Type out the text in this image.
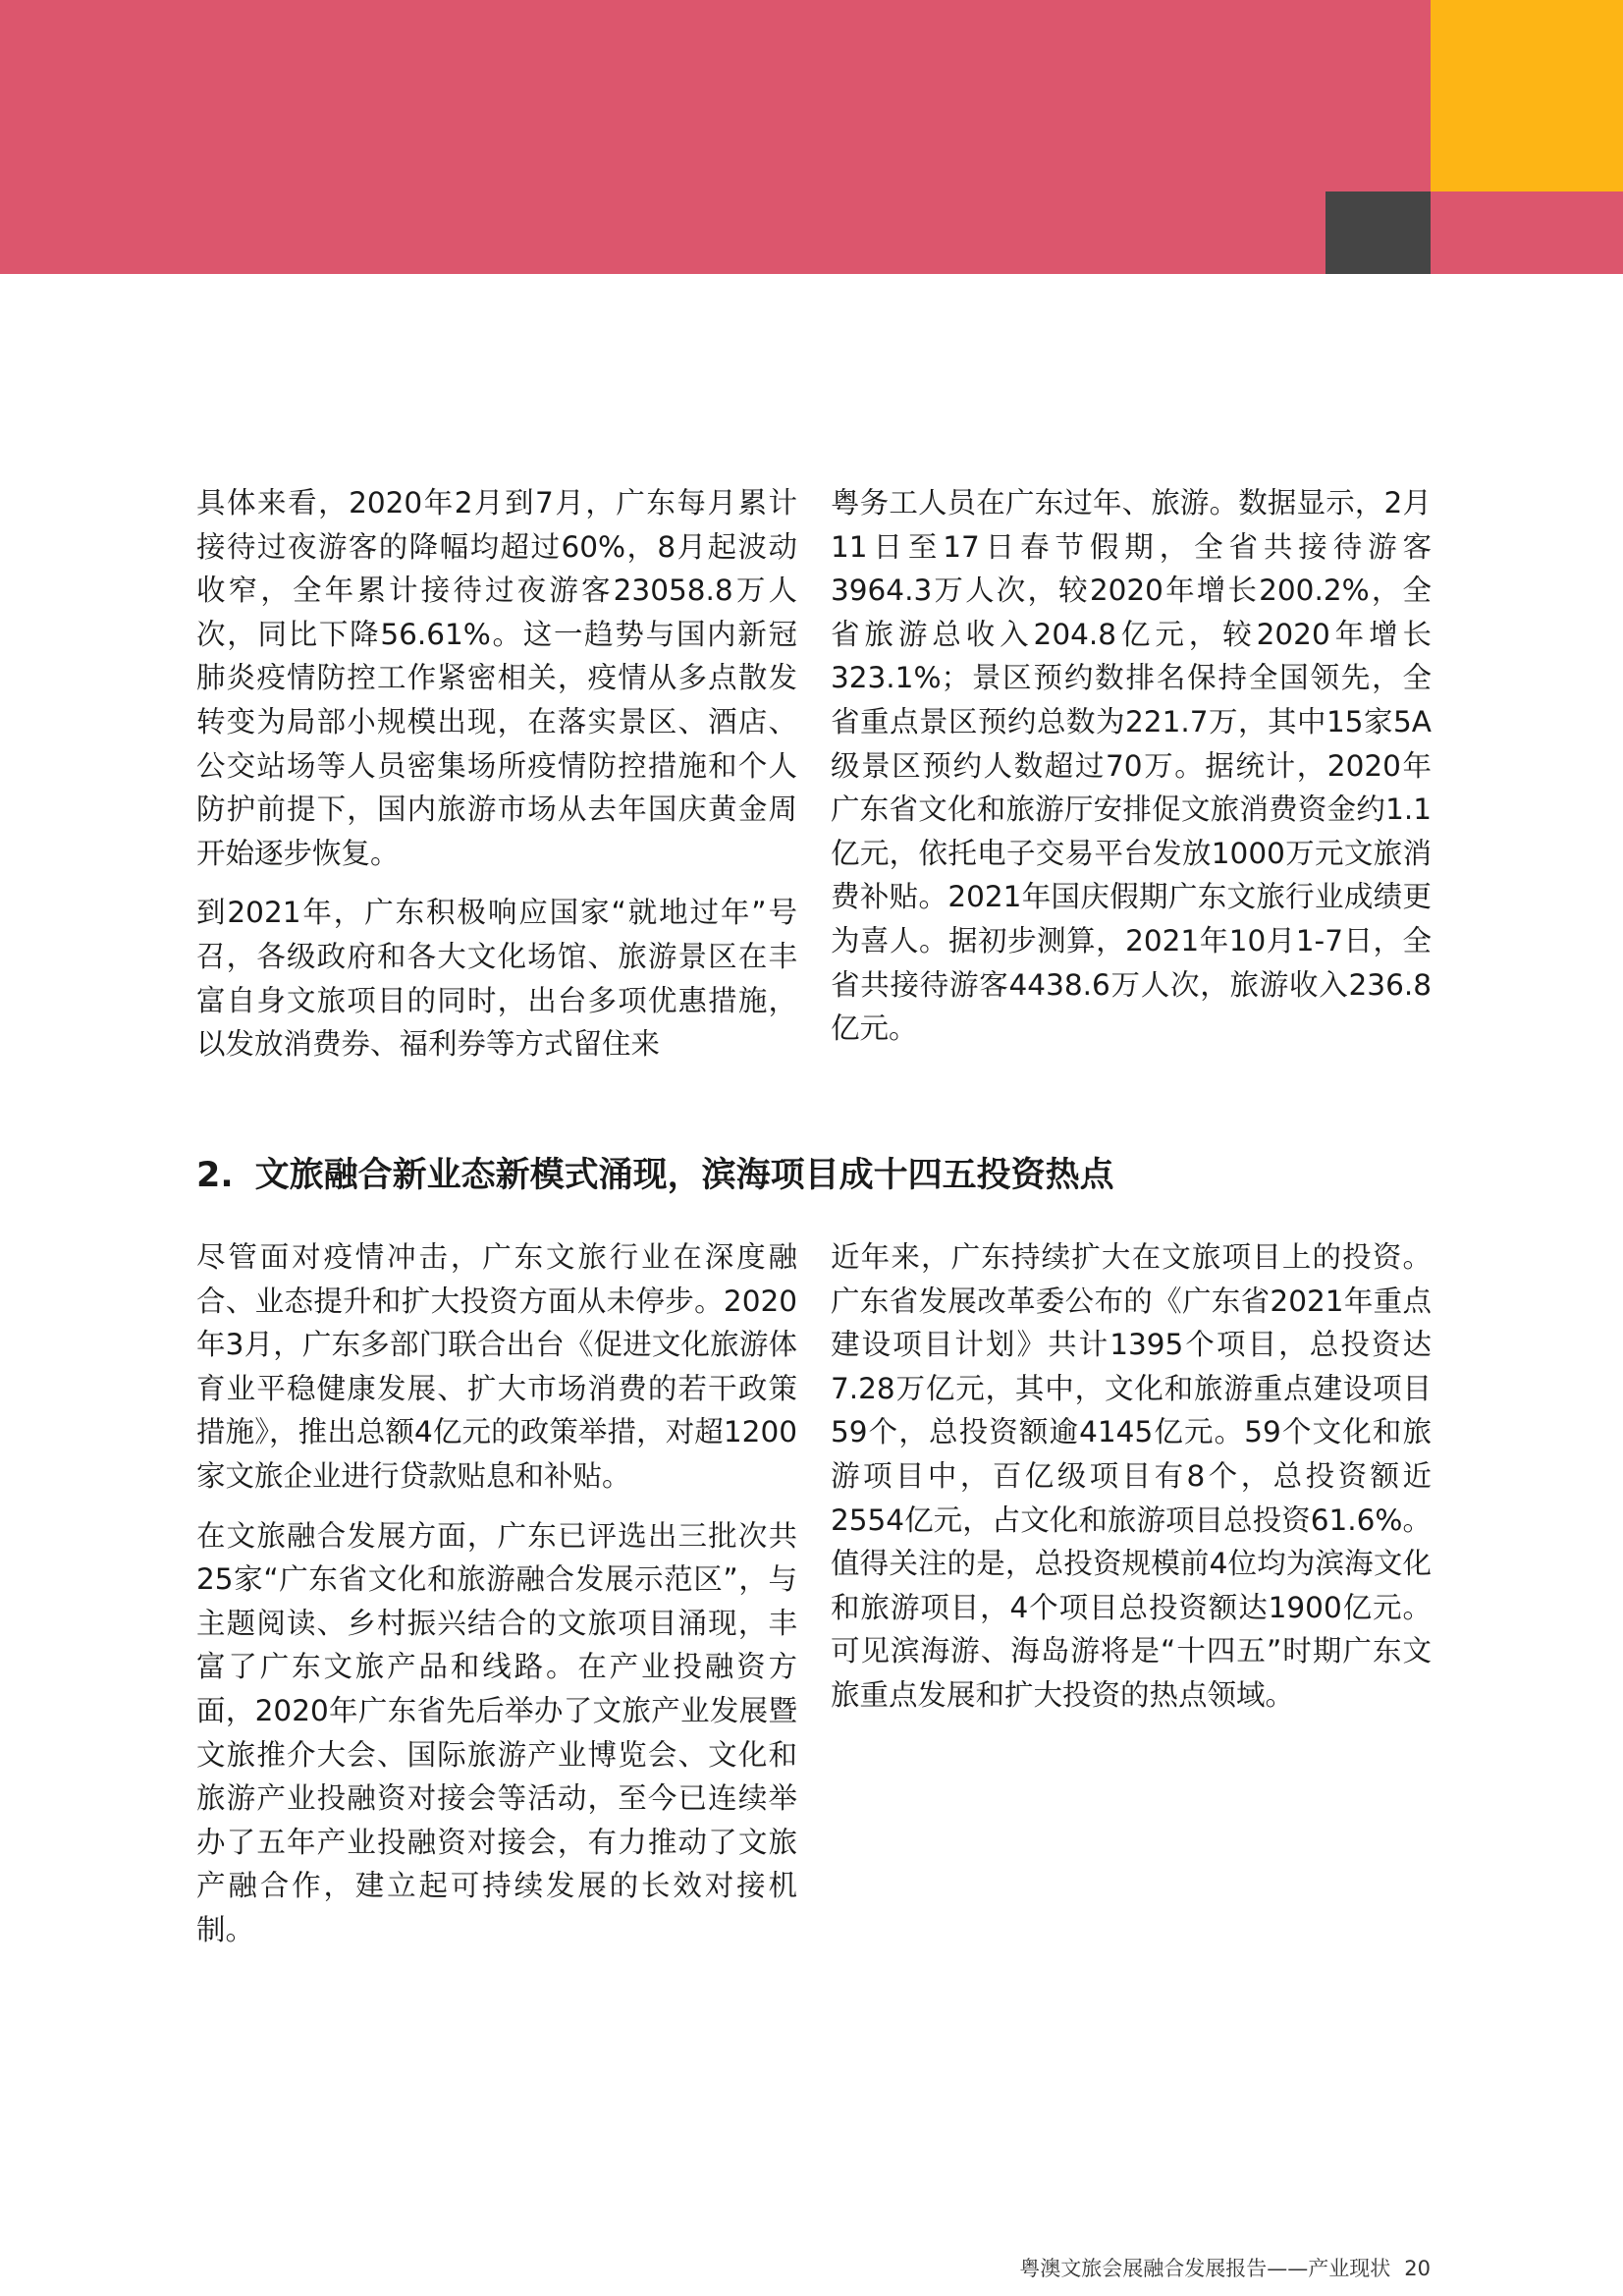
具体来看，2020年2月到7月，广东每月累计接待过夜游客的降幅均超过60%，8月起波动收窄，全年累计接待过夜游客23058.8万人次，同比下降56.61%。这一趋势与国内新冠肺炎疫情防控工作紧密相关，疫情从多点散发转变为局部小规模出现，在落实景区、酒店、公交站场等人员密集场所疫情防控措施和个人防护前提下，国内旅游市场从去年国庆黄金周开始逐步恢复。

到2021年，广东积极响应国家“就地过年”号召，各级政府和各大文化场馆、旅游景区在丰富自身文旅项目的同时，出台多项优惠措施，以发放消费券、福利券等方式留住来

粤务工人员在广东过年、旅游。数据显示，2月11日至17日春节假期，全省共接待游客3964.3万人次，较2020年增长200.2%，全省旅游总收入204.8亿元，较2020年增长323.1%；景区预约数排名保持全国领先，全省重点景区预约总数为221.7万，其中15家5A级景区预约人数超过70万。据统计，2020年广东省文化和旅游厅安排促文旅消费资金约1.1亿元，依托电子交易平台发放1000万元文旅消费补贴。2021年国庆假期广东文旅行业成绩更为喜人。据初步测算，2021年10月1-7日，全省共接待游客4438.6万人次，旅游收入236.8亿元。

2. 文旅融合新业态新模式涌现，滨海项目成十四五投资热点

尽管面对疫情冲击，广东文旅行业在深度融合、业态提升和扩大投资方面从未停步。2020年3月，广东多部门联合出台《促进文化旅游体育业平稳健康发展、扩大市场消费的若干政策措施》，推出总额4亿元的政策举措，对超1200家文旅企业进行贷款贴息和补贴。

在文旅融合发展方面，广东已评选出三批次共25家“广东省文化和旅游融合发展示范区”，与主题阅读、乡村振兴结合的文旅项目涌现，丰富了广东文旅产品和线路。在产业投融资方面，2020年广东省先后举办了文旅产业发展暨文旅推介大会、国际旅游产业博览会、文化和旅游产业投融资对接会等活动，至今已连续举办了五年产业投融资对接会，有力推动了文旅产融合作，建立起可持续发展的长效对接机制。

近年来，广东持续扩大在文旅项目上的投资。广东省发展改革委公布的《广东省2021年重点建设项目计划》共计1395个项目，总投资达7.28万亿元，其中，文化和旅游重点建设项目59个，总投资额逾4145亿元。59个文化和旅游项目中，百亿级项目有8个，总投资额近2554亿元，占文化和旅游项目总投资61.6%。值得关注的是，总投资规模前4位均为滨海文化和旅游项目，4个项目总投资额达1900亿元。可见滨海游、海岛游将是“十四五”时期广东文旅重点发展和扩大投资的热点领域。

粤澳文旅会展融合发展报告——产业现状 20
